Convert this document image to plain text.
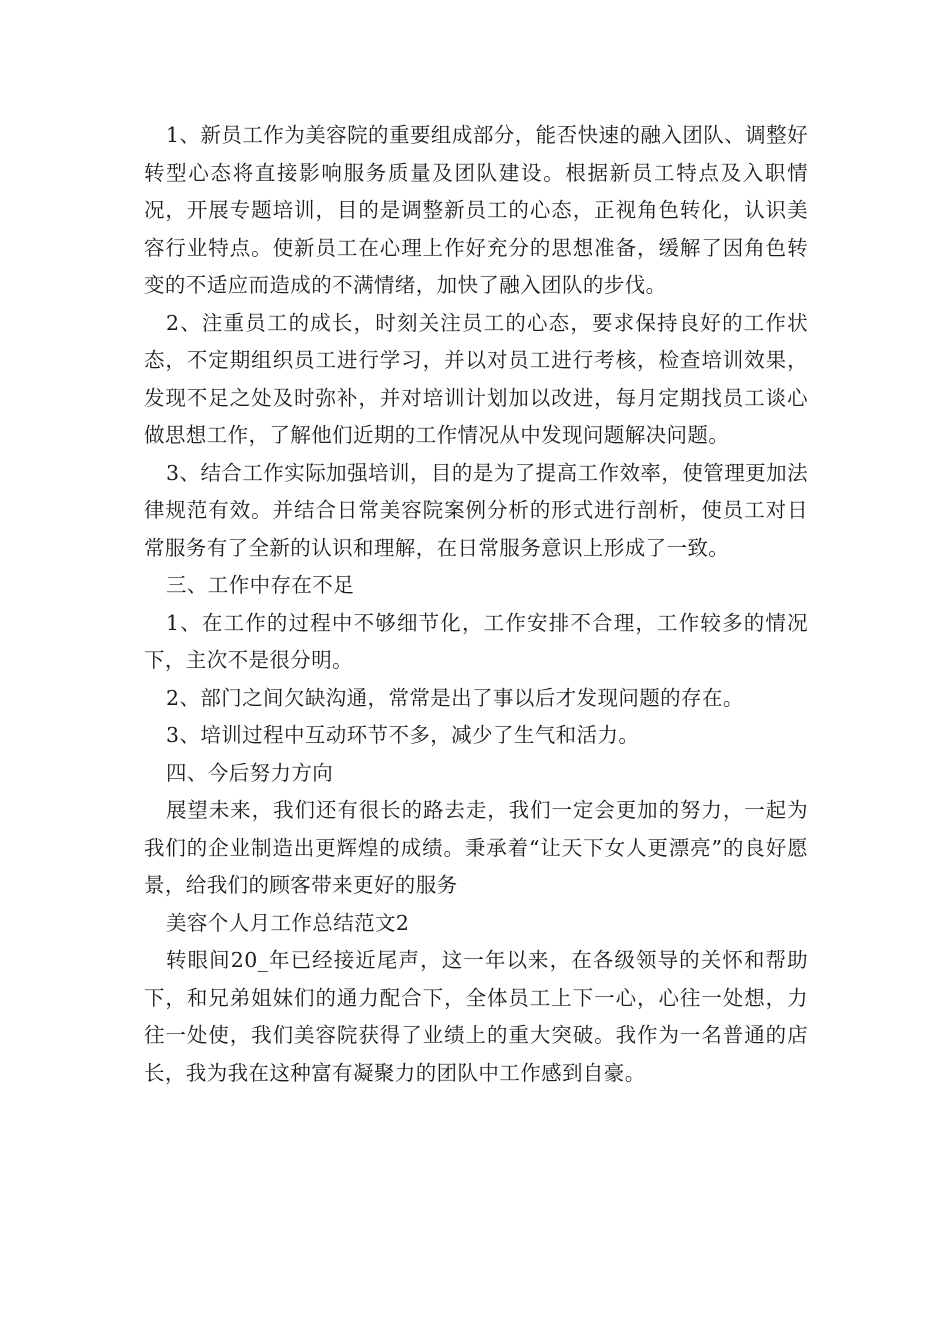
1、新员工作为美容院的重要组成部分，能否快速的融入团队、调整好转型心态将直接影响服务质量及团队建设。根据新员工特点及入职情况，开展专题培训，目的是调整新员工的心态，正视角色转化，认识美容行业特点。使新员工在心理上作好充分的思想准备，缓解了因角色转变的不适应而造成的不满情绪，加快了融入团队的步伐。

2、注重员工的成长，时刻关注员工的心态，要求保持良好的工作状态，不定期组织员工进行学习，并以对员工进行考核，检查培训效果，发现不足之处及时弥补，并对培训计划加以改进，每月定期找员工谈心做思想工作，了解他们近期的工作情况从中发现问题解决问题。

3、结合工作实际加强培训，目的是为了提高工作效率，使管理更加法律规范有效。并结合日常美容院案例分析的形式进行剖析，使员工对日常服务有了全新的认识和理解，在日常服务意识上形成了一致。

三、工作中存在不足

1、在工作的过程中不够细节化，工作安排不合理，工作较多的情况下，主次不是很分明。

2、部门之间欠缺沟通，常常是出了事以后才发现问题的存在。

3、培训过程中互动环节不多，减少了生气和活力。

四、今后努力方向

展望未来，我们还有很长的路去走，我们一定会更加的努力，一起为我们的企业制造出更辉煌的成绩。秉承着“让天下女人更漂亮”的良好愿景，给我们的顾客带来更好的服务

美容个人月工作总结范文2

转眼间20_年已经接近尾声，这一年以来，在各级领导的关怀和帮助下，和兄弟姐妹们的通力配合下，全体员工上下一心，心往一处想，力往一处使，我们美容院获得了业绩上的重大突破。我作为一名普通的店长，我为我在这种富有凝聚力的团队中工作感到自豪。
